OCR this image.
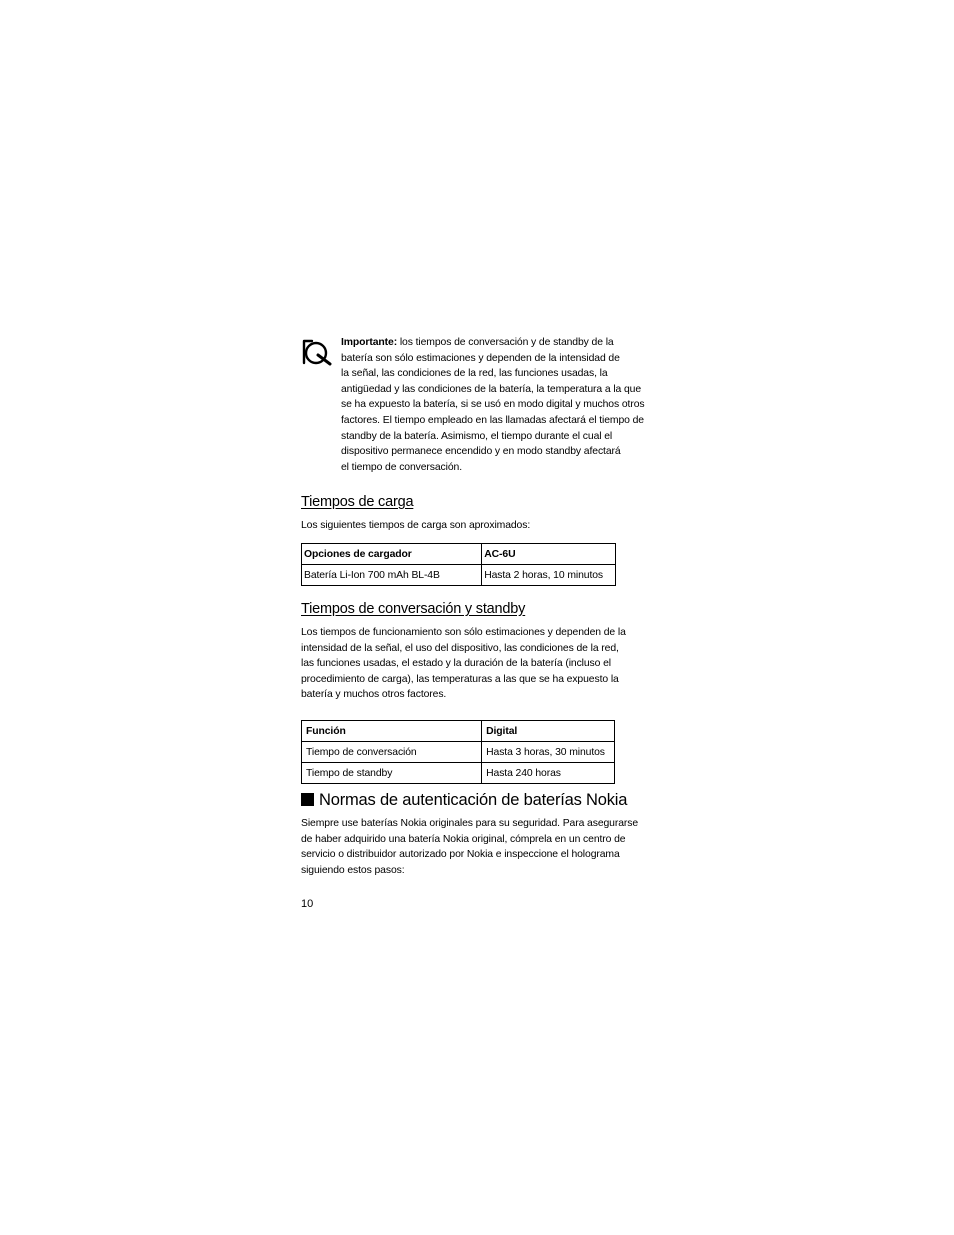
Importante: los tiempos de conversación y de standby de la
batería son sólo estimaciones y dependen de la intensidad de
la señal, las condiciones de la red, las funciones usadas, la
antigüedad y las condiciones de la batería, la temperatura a la que
se ha expuesto la batería, si se usó en modo digital y muchos otros
factores. El tiempo empleado en las llamadas afectará el tiempo de
standby de la batería. Asimismo, el tiempo durante el cual el
dispositivo permanece encendido y en modo standby afectará
el tiempo de conversación.
Tiempos de carga
Los siguientes tiempos de carga son aproximados:
Opciones de cargador	AC-6U
Batería Li-Ion 700 mAh BL-4B	Hasta 2 horas, 10 minutos
Tiempos de conversación y standby
Los tiempos de funcionamiento son sólo estimaciones y dependen de la
intensidad de la señal, el uso del dispositivo, las condiciones de la red,
las funciones usadas, el estado y la duración de la batería (incluso el
procedimiento de carga), las temperaturas a las que se ha expuesto la
batería y muchos otros factores.
Función	Digital
Tiempo de conversación	Hasta 3 horas, 30 minutos
Tiempo de standby	Hasta 240 horas
Normas de autenticación de baterías Nokia
Siempre use baterías Nokia originales para su seguridad. Para asegurarse
de haber adquirido una batería Nokia original, cómprela en un centro de
servicio o distribuidor autorizado por Nokia e inspeccione el holograma
siguiendo estos pasos:
10
